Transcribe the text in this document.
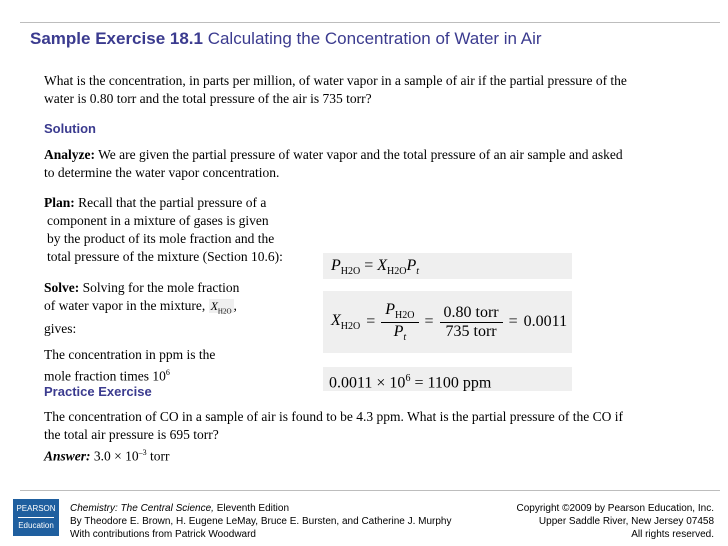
Sample Exercise 18.1 Calculating the Concentration of Water in Air
What is the concentration, in parts per million, of water vapor in a sample of air if the partial pressure of the
water is 0.80 torr and the total pressure of the air is 735 torr?
Solution
Analyze: We are given the partial pressure of water vapor and the total pressure of an air sample and asked
to determine the water vapor concentration.
Plan: Recall that the partial pressure of a
component in a mixture of gases is given
by the product of its mole fraction and the
total pressure of the mixture (Section 10.6):
Solve: Solving for the mole fraction
of water vapor in the mixture, $X_{H2O}$ ,
gives:
The concentration in ppm is the
mole fraction times $10^6$
$P_{H2O} = X_{H2O}P_t$
$X_{H2O} = \frac{P_{H2O}}{P_t} = \frac{\text{0.80 torr}}{\text{735 torr}} = 0.0011$
$0.0011 \times 10^6 = 1100$ ppm
Practice Exercise
The concentration of CO in a sample of air is found to be 4.3 ppm. What is the partial pressure of the CO if
the total air pressure is 695 torr?
Answer: $3.0 \times 10^{-3}$ torr
PEARSON
Education
Chemistry: The Central Science, Eleventh Edition
By Theodore E. Brown, H. Eugene LeMay, Bruce E. Bursten, and Catherine J. Murphy
With contributions from Patrick Woodward
Copyright ©2009 by Pearson Education, Inc.
Upper Saddle River, New Jersey 07458
All rights reserved.
